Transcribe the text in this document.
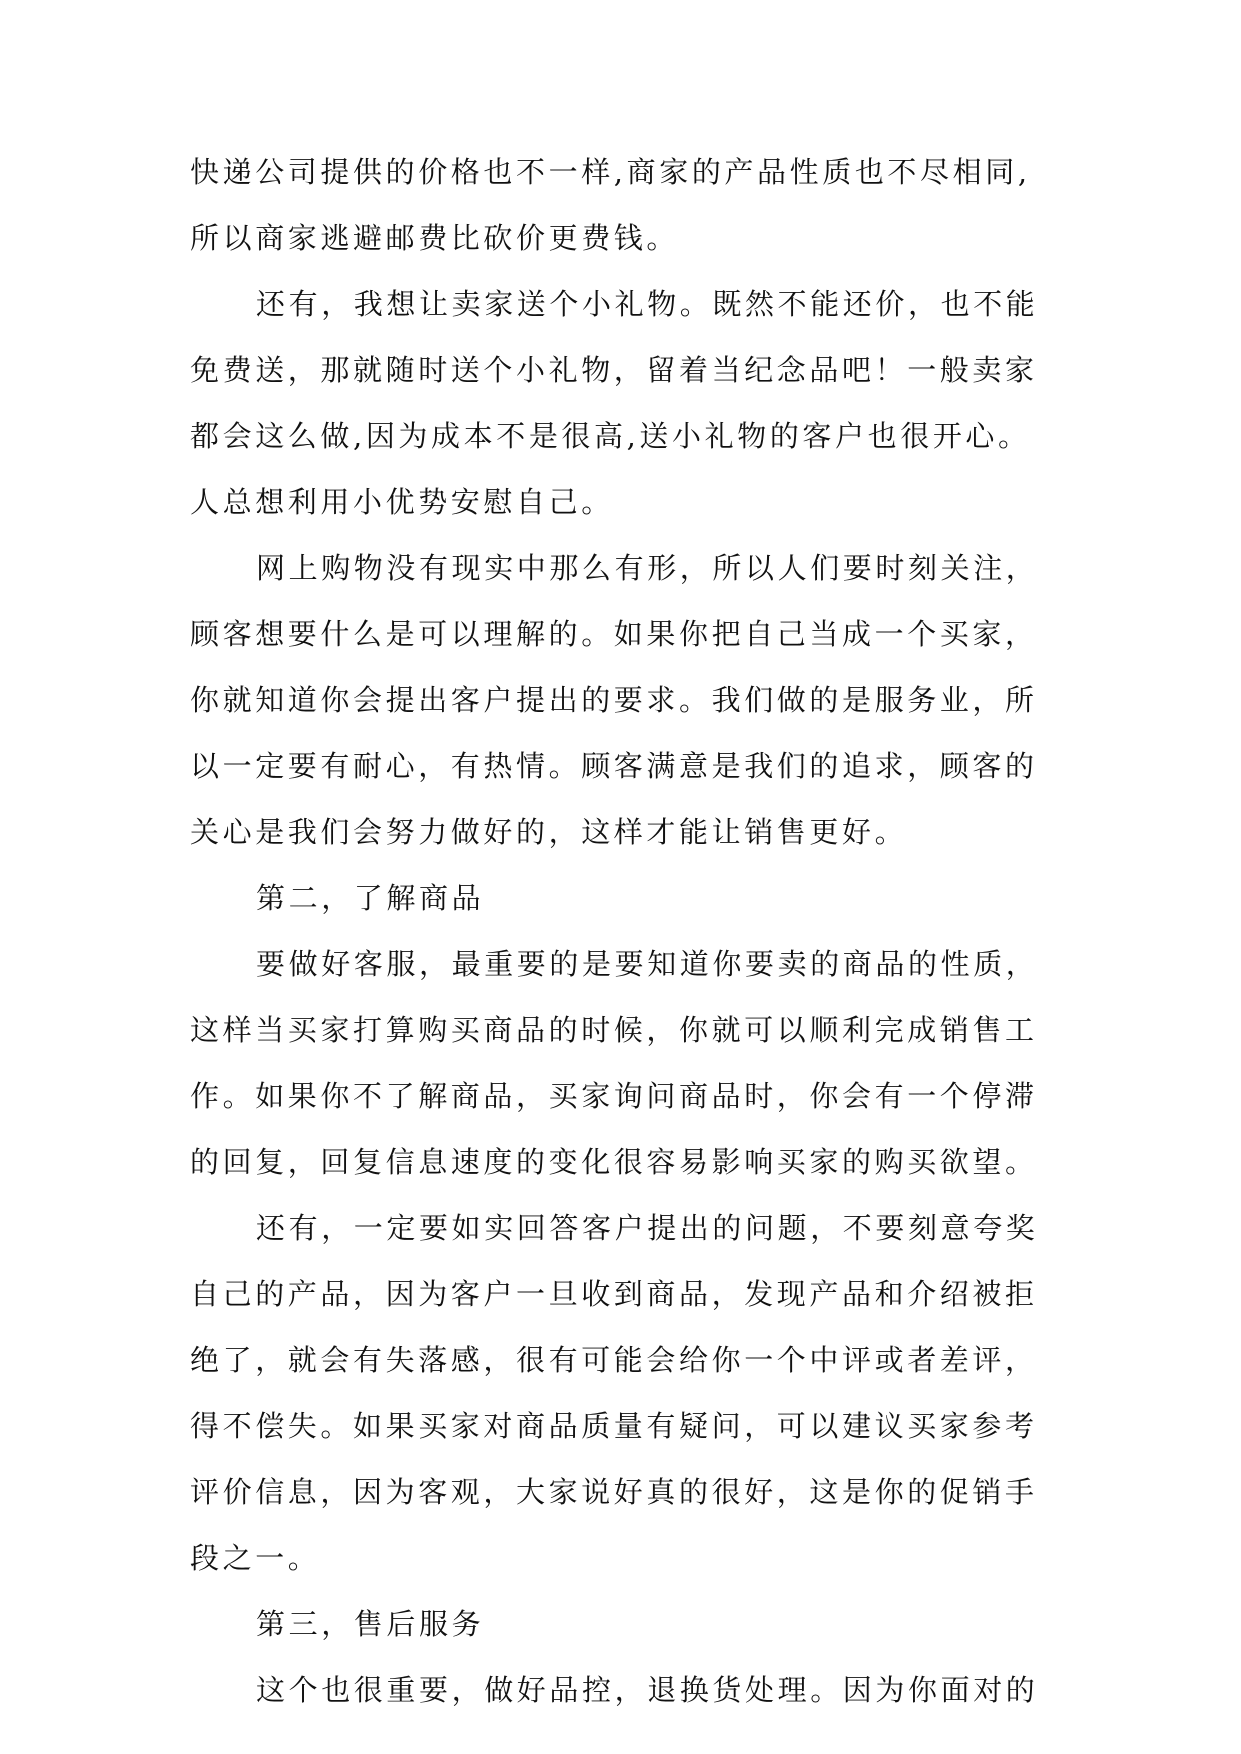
快递公司提供的价格也不一样,商家的产品性质也不尽相同,
所以商家逃避邮费比砍价更费钱。
还有，我想让卖家送个小礼物。既然不能还价，也不能
免费送，那就随时送个小礼物，留着当纪念品吧！一般卖家
都会这么做,因为成本不是很高,送小礼物的客户也很开心。
人总想利用小优势安慰自己。
网上购物没有现实中那么有形，所以人们要时刻关注，
顾客想要什么是可以理解的。如果你把自己当成一个买家，
你就知道你会提出客户提出的要求。我们做的是服务业，所
以一定要有耐心，有热情。顾客满意是我们的追求，顾客的
关心是我们会努力做好的，这样才能让销售更好。
第二，了解商品
要做好客服，最重要的是要知道你要卖的商品的性质，
这样当买家打算购买商品的时候，你就可以顺利完成销售工
作。如果你不了解商品，买家询问商品时，你会有一个停滞
的回复，回复信息速度的变化很容易影响买家的购买欲望。
还有，一定要如实回答客户提出的问题，不要刻意夸奖
自己的产品，因为客户一旦收到商品，发现产品和介绍被拒
绝了，就会有失落感，很有可能会给你一个中评或者差评，
得不偿失。如果买家对商品质量有疑问，可以建议买家参考
评价信息，因为客观，大家说好真的很好，这是你的促销手
段之一。
第三，售后服务
这个也很重要，做好品控，退换货处理。因为你面对的
